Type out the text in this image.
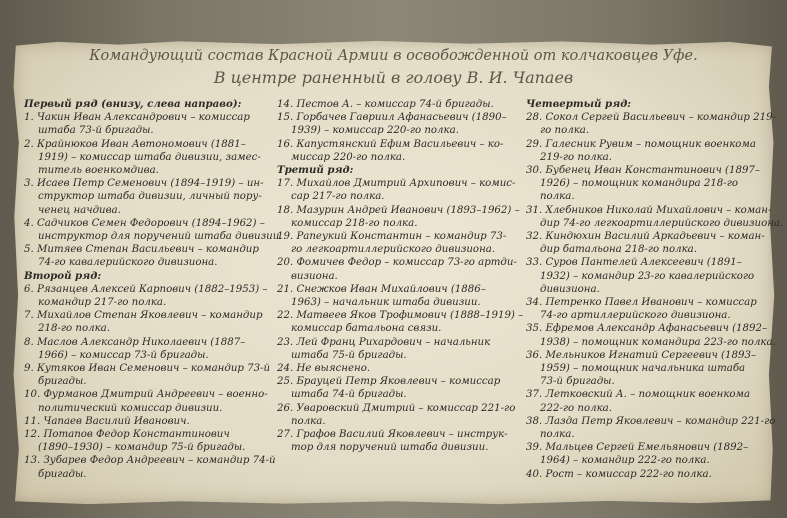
Командующий состав Красной Армии в освобожденной от колчаковцев Уфе.
В центре раненный в голову В. И. Чапаев
Первый ряд (внизу, слева направо):
1. Чакин Иван Александрович – комиссар
штаба 73-й бригады.
2. Крайнюков Иван Автономович (1881–
1919) – комиссар штаба дивизии, замес-
титель военкомдива.
3. Исаев Петр Семенович (1894–1919) – ин-
структор штаба дивизии, личный пору-
ченец начдива.
4. Садчиков Семен Федорович (1894–1962) –
инструктор для поручений штаба дивизии.
5. Митяев Степан Васильевич – командир
74-го кавалерийского дивизиона.
Второй ряд:
6. Рязанцев Алексей Карпович (1882–1953) –
командир 217-го полка.
7. Михайлов Степан Яковлевич – командир
218-го полка.
8. Маслов Александр Николаевич (1887–
1966) – комиссар 73-й бригады.
9. Кутяков Иван Семенович – командир 73-й
бригады.
10. Фурманов Дмитрий Андреевич – военно-
политический комиссар дивизии.
11. Чапаев Василий Иванович.
12. Потапов Федор Константинович
(1890–1930) – командир 75-й бригады.
13. Зубарев Федор Андреевич – командир 74-й
бригады.
14. Пестов А. – комиссар 74-й бригады.
15. Горбачев Гавриил Афанасьевич (1890–
1939) – комиссар 220-го полка.
16. Капустянский Ефим Васильевич – ко-
миссар 220-го полка.
Третий ряд:
17. Михайлов Дмитрий Архипович – комис-
сар 217-го полка.
18. Мазурин Андрей Иванович (1893–1962) –
комиссар 218-го полка.
19. Рапеукий Константин – командир 73-
го легкоартиллерийского дивизиона.
20. Фомичев Федор – комиссар 73-го артди-
визиона.
21. Снежков Иван Михайлович (1886–
1963) – начальник штаба дивизии.
22. Матвеев Яков Трофимович (1888–1919) –
комиссар батальона связи.
23. Лей Франц Рихардович – начальник
штаба 75-й бригады.
24. Не выяснено.
25. Брауцей Петр Яковлевич – комиссар
штаба 74-й бригады.
26. Уваровский Дмитрий – комиссар 221-го
полка.
27. Графов Василий Яковлевич – инструк-
тор для поручений штаба дивизии.
Четвертый ряд:
28. Сокол Сергей Васильевич – командир 219-
го полка.
29. Галесник Рувим – помощник военкома
219-го полка.
30. Бубенец Иван Константинович (1897–
1926) – помощник командира 218-го
полка.
31. Хлебников Николай Михайлович – коман-
дир 74-го легкоартиллерийского дивизиона.
32. Киндюхин Василий Аркадьевич – коман-
дир батальона 218-го полка.
33. Суров Пантелей Алексеевич (1891–
1932) – командир 23-го кавалерийского
дивизиона.
34. Петренко Павел Иванович – комиссар
74-го артиллерийского дивизиона.
35. Ефремов Александр Афанасьевич (1892–
1938) – помощник командира 223-го полка.
36. Мельников Игнатий Сергеевич (1893–
1959) – помощник начальника штаба
73-й бригады.
37. Летковский А. – помощник военкома
222-го полка.
38. Лазда Петр Яковлевич – командир 221-го
полка.
39. Мальцев Сергей Емельянович (1892–
1964) – командир 222-го полка.
40. Рост – комиссар 222-го полка.
